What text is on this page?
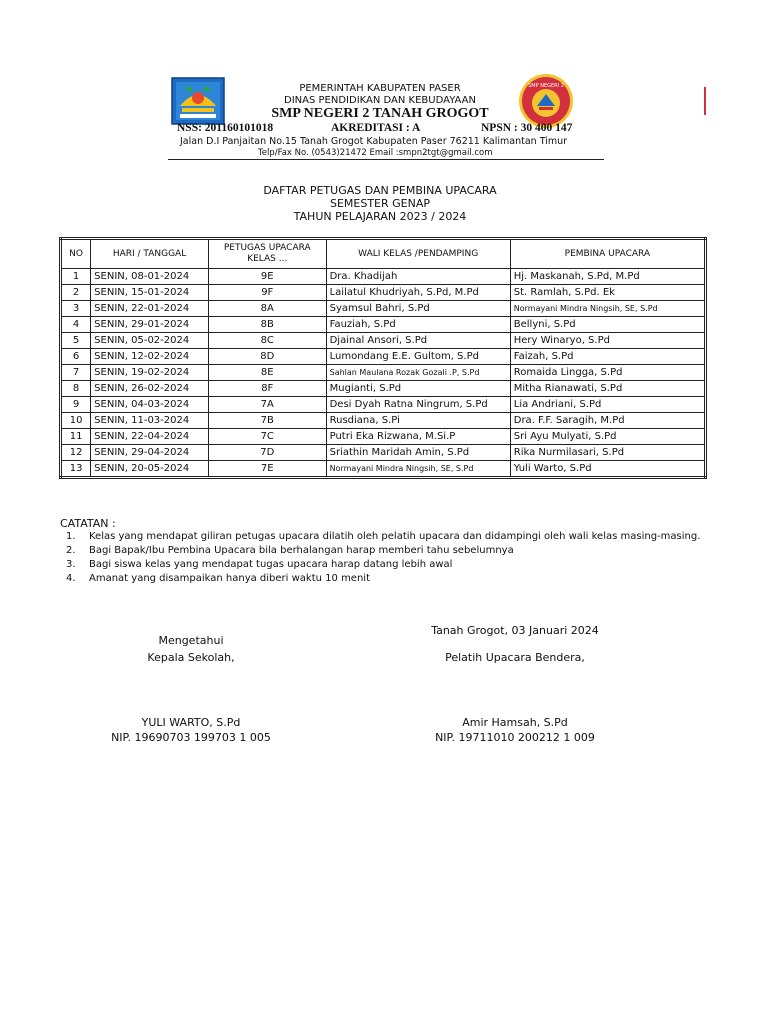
SMP NEGERI 2
PEMERINTAH KABUPATEN PASER
DINAS PENDIDIKAN DAN KEBUDAYAAN
SMP NEGERI 2 TANAH GROGOT
NSS: 201160101018	AKREDITASI : A	NPSN : 30 400 147
Jalan D.I Panjaitan No.15 Tanah Grogot Kabupaten Paser 76211 Kalimantan Timur
Telp/Fax No. (0543)21472 Email :smpn2tgt@gmail.com
DAFTAR PETUGAS DAN PEMBINA UPACARA
SEMESTER GENAP
TAHUN PELAJARAN 2023 / 2024
NO	HARI / TANGGAL	PETUGAS UPACARA KELAS ...	WALI KELAS /PENDAMPING	PEMBINA UPACARA
1	SENIN, 08-01-2024	9E	Dra. Khadijah	Hj. Maskanah, S.Pd, M.Pd
2	SENIN, 15-01-2024	9F	Lailatul Khudriyah, S.Pd, M.Pd	St. Ramlah, S.Pd. Ek
3	SENIN, 22-01-2024	8A	Syamsul Bahri, S.Pd	Normayani Mindra Ningsih, SE, S.Pd
4	SENIN, 29-01-2024	8B	Fauziah, S.Pd	Bellyni, S.Pd
5	SENIN, 05-02-2024	8C	Djainal Ansori, S.Pd	Hery Winaryo, S.Pd
6	SENIN, 12-02-2024	8D	Lumondang E.E. Gultom, S.Pd	Faizah, S.Pd
7	SENIN, 19-02-2024	8E	Sahlan Maulana Rozak Gozali .P, S.Pd	Romaida Lingga, S.Pd
8	SENIN, 26-02-2024	8F	Mugianti, S.Pd	Mitha Rianawati, S.Pd
9	SENIN, 04-03-2024	7A	Desi Dyah Ratna Ningrum, S.Pd	Lia Andriani, S.Pd
10	SENIN, 11-03-2024	7B	Rusdiana, S.Pi	Dra. F.F. Saragih, M.Pd
11	SENIN, 22-04-2024	7C	Putri Eka Rizwana, M.Si.P	Sri Ayu Mulyati, S.Pd
12	SENIN, 29-04-2024	7D	Sriathin Maridah Amin, S.Pd	Rika Nurmilasari, S.Pd
13	SENIN, 20-05-2024	7E	Normayani Mindra Ningsih, SE, S.Pd	Yuli Warto, S.Pd
CATATAN :
1.	Kelas yang mendapat giliran petugas upacara dilatih oleh pelatih upacara dan didampingi oleh wali kelas masing-masing.
2.	Bagi Bapak/Ibu Pembina Upacara bila berhalangan harap memberi tahu sebelumnya
3.	Bagi siswa kelas yang mendapat tugas upacara harap datang lebih awal
4.	Amanat yang disampaikan hanya diberi waktu 10 menit
Tanah Grogot, 03 Januari 2024
Mengetahui
Kepala Sekolah,	Pelatih Upacara Bendera,
YULI WARTO, S.Pd
NIP. 19690703 199703 1 005
Amir Hamsah, S.Pd
NIP. 19711010 200212 1 009
